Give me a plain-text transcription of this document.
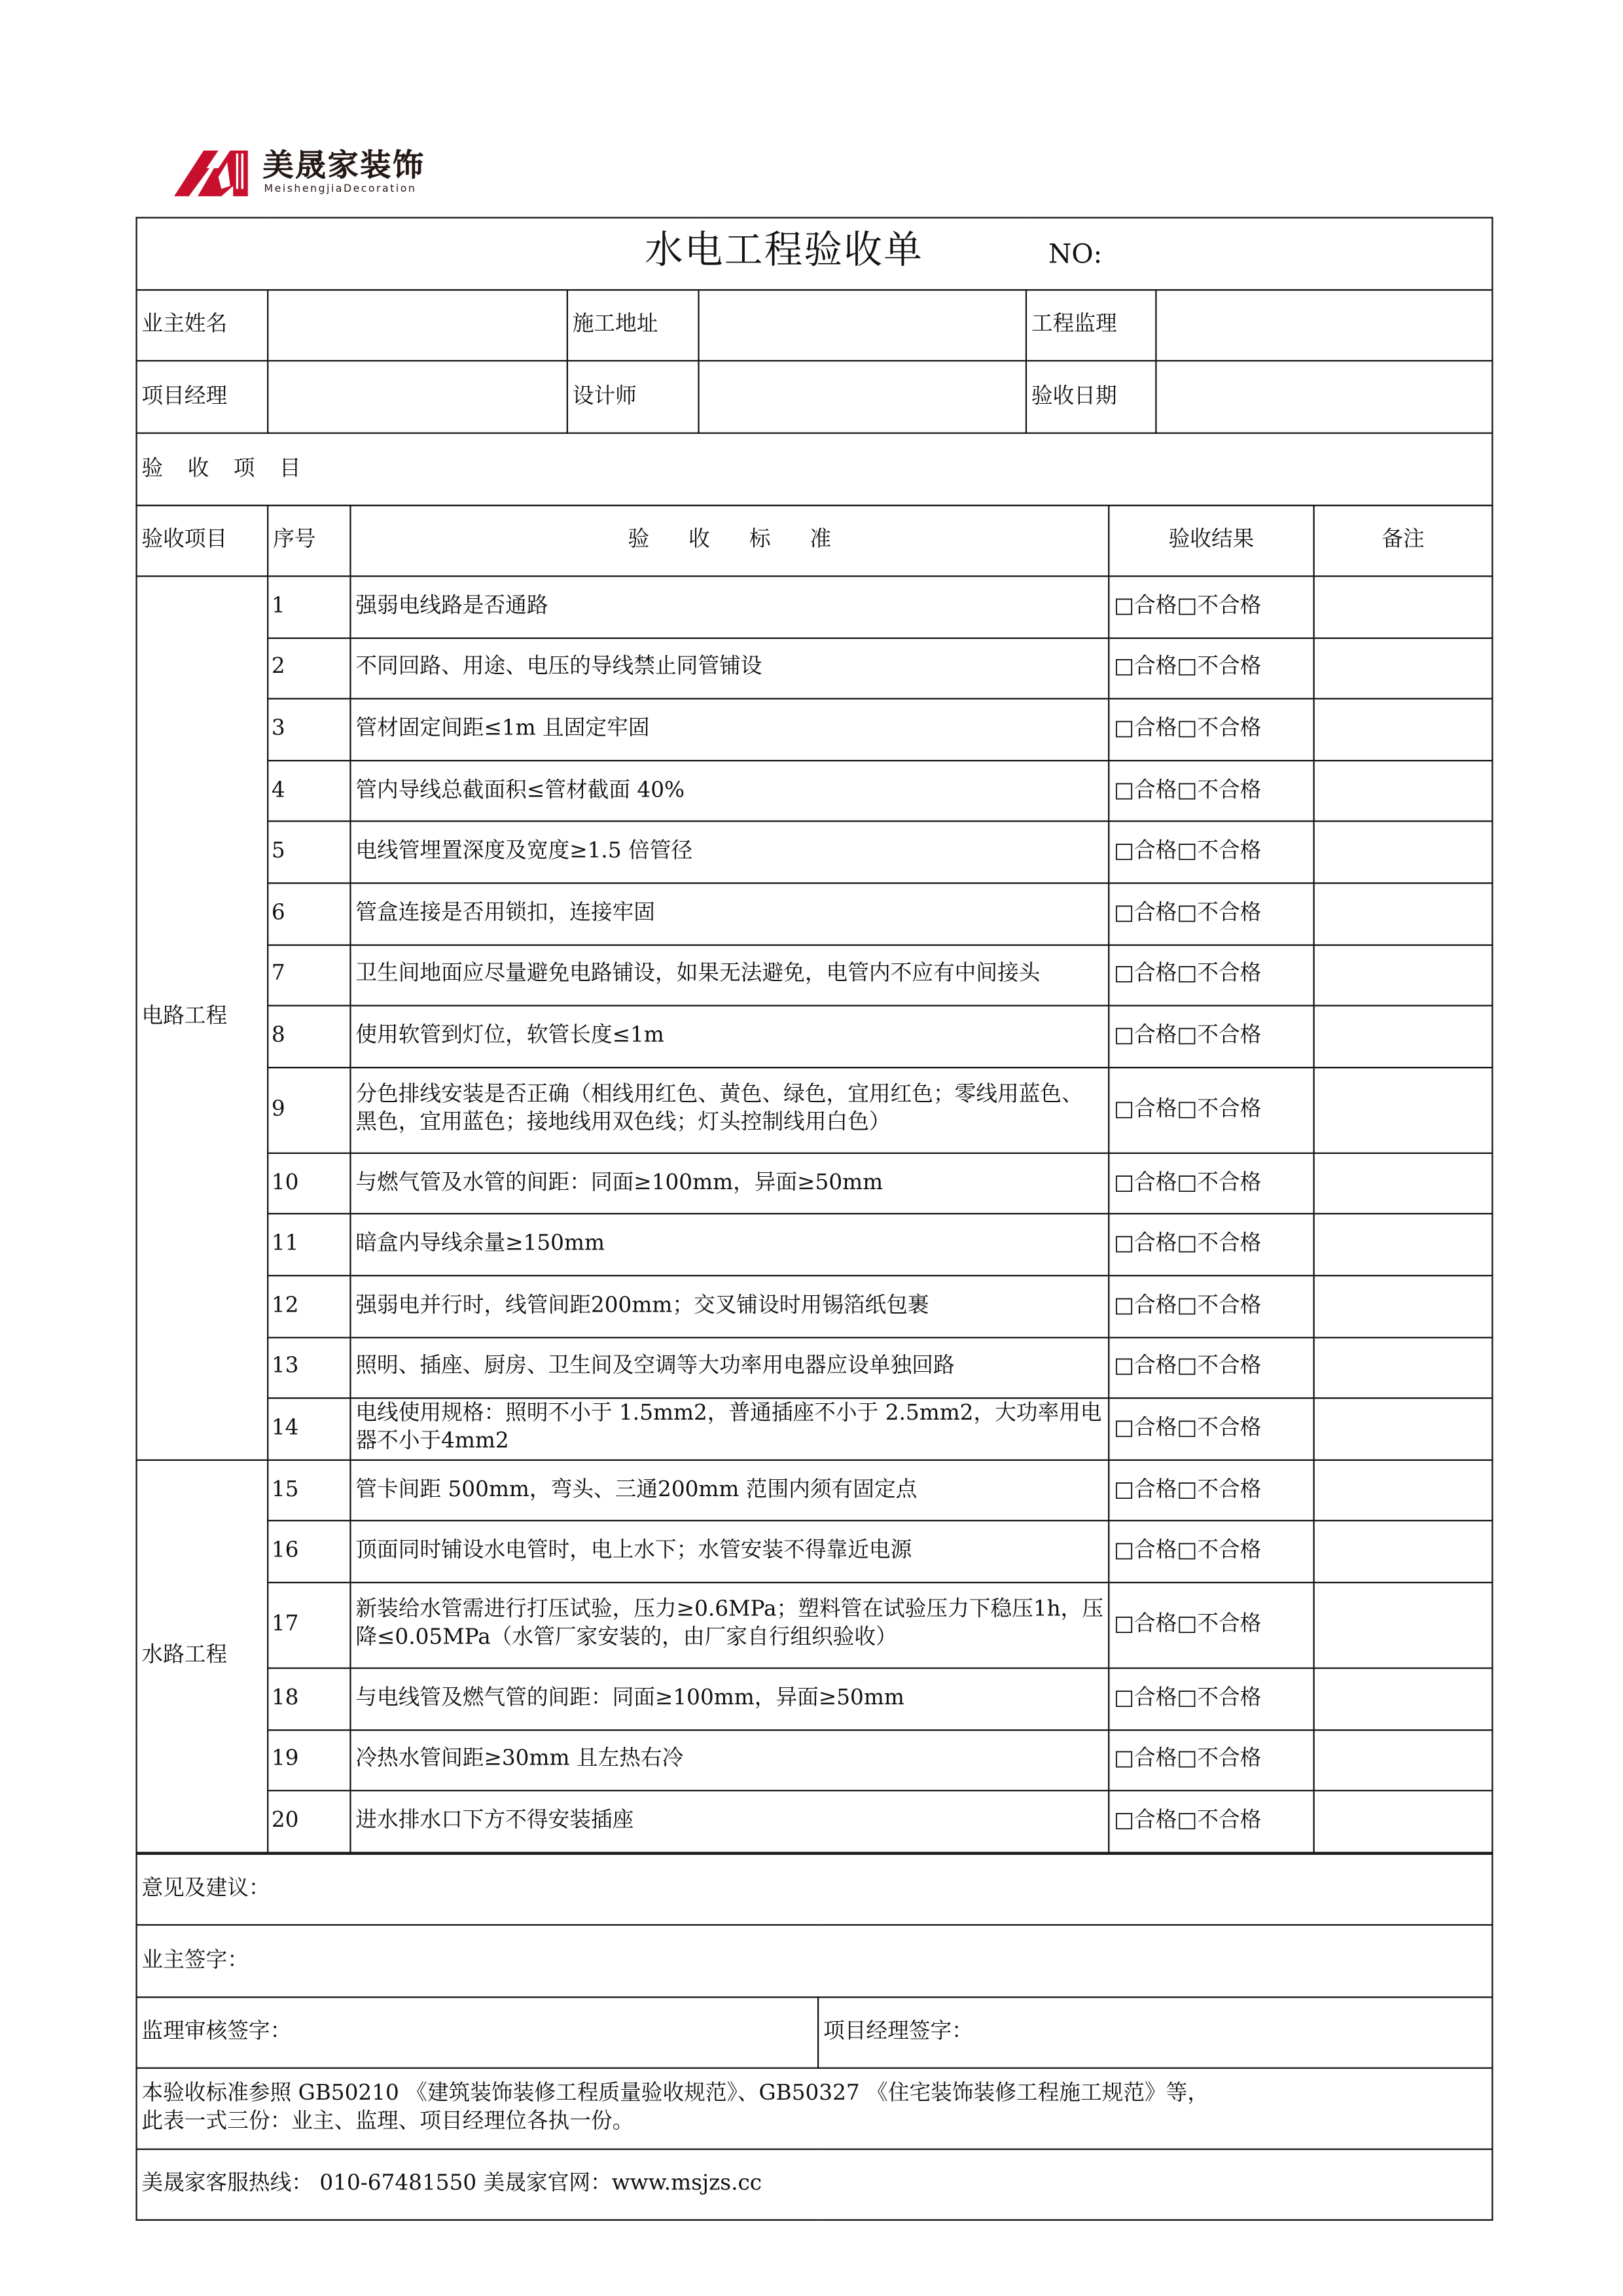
美晟家装饰
MeishengjiaDecoration
水电工程验收单 NO:					
业主姓名		施工地址		工程监理	
项目经理		设计师		验收日期	
验 收 项 目					
验收项目	序号	验 收 标 准	验收结果	备注
电路工程	1	强弱电线路是否通路	□合格□不合格	
	2	不同回路、用途、电压的导线禁止同管铺设	□合格□不合格	
	3	管材固定间距≤1m 且固定牢固	□合格□不合格	
	4	管内导线总截面积≤管材截面 40%	□合格□不合格	
	5	电线管埋置深度及宽度≥1.5 倍管径	□合格□不合格	
	6	管盒连接是否用锁扣，连接牢固	□合格□不合格	
	7	卫生间地面应尽量避免电路铺设，如果无法避免，电管内不应有中间接头	□合格□不合格	
	8	使用软管到灯位，软管长度≤1m	□合格□不合格	
	9	分色排线安装是否正确（相线用红色、黄色、绿色，宜用红色；零线用蓝色、黑色，宜用蓝色；接地线用双色线；灯头控制线用白色）	□合格□不合格	
	10	与燃气管及水管的间距：同面≥100mm，异面≥50mm	□合格□不合格	
	11	暗盒内导线余量≥150mm	□合格□不合格	
	12	强弱电并行时，线管间距200mm；交叉铺设时用锡箔纸包裹	□合格□不合格	
	13	照明、插座、厨房、卫生间及空调等大功率用电器应设单独回路	□合格□不合格	
	14	电线使用规格：照明不小于 1.5mm2，普通插座不小于 2.5mm2，大功率用电器不小于4mm2	□合格□不合格	
水路工程	15	管卡间距 500mm，弯头、三通200mm 范围内须有固定点	□合格□不合格	
	16	顶面同时铺设水电管时，电上水下；水管安装不得靠近电源	□合格□不合格	
	17	新装给水管需进行打压试验，压力≥0.6MPa；塑料管在试验压力下稳压1h，压降≤0.05MPa（水管厂家安装的，由厂家自行组织验收）	□合格□不合格	
	18	与电线管及燃气管的间距：同面≥100mm，异面≥50mm	□合格□不合格	
	19	冷热水管间距≥30mm 且左热右冷	□合格□不合格	
	20	进水排水口下方不得安装插座	□合格□不合格	
意见及建议：
业主签字：
监理审核签字：	项目经理签字：

本验收标准参照 GB50210 《建筑装饰装修工程质量验收规范》、GB50327 《住宅装饰装修工程施工规范》等，
此表一式三份：业主、监理、项目经理位各执一份。

美晟家客服热线： 010-67481550 美晟家官网：www.msjzs.cc
